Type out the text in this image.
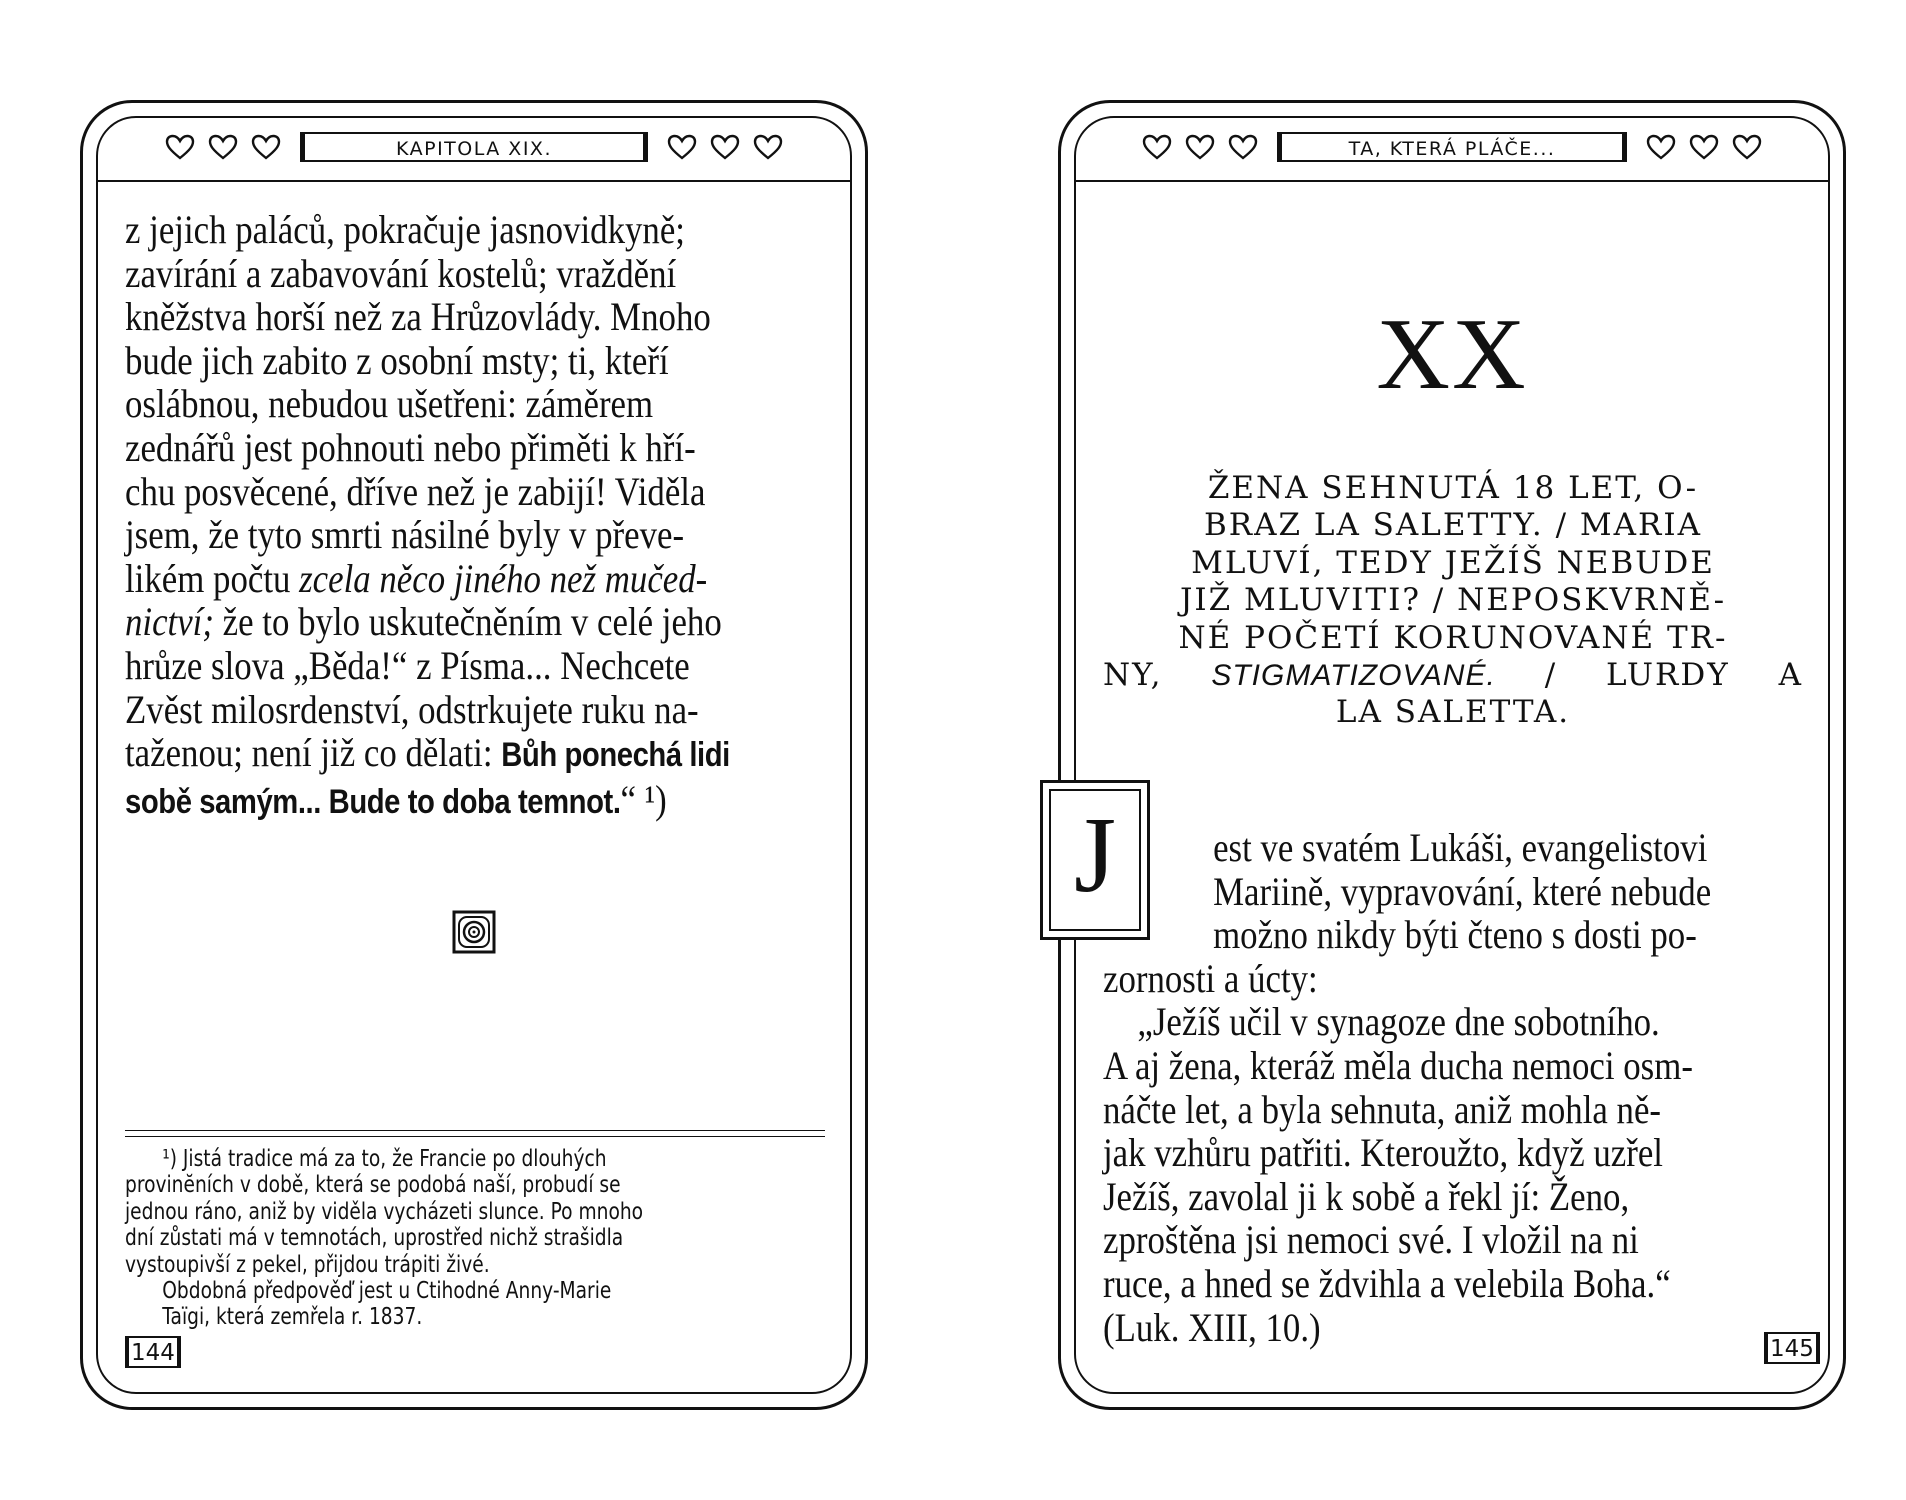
KAPITOLA XIX.

z jejich paláců, pokračuje jasnovidkyně;

zavírání a zabavování kostelů; vraždění

kněžstva horší než za Hrůzovlády. Mnoho

bude jich zabito z osobní msty; ti, kteří

oslábnou, nebudou ušetřeni: záměrem

zednářů jest pohnouti nebo přiměti k hří-

chu posvěcené, dříve než je zabijí! Viděla

jsem, že tyto smrti násilné byly v převe-

likém počtu zcela něco jiného než mučed-

nictví; že to bylo uskutečněním v celé jeho

hrůze slova „Běda!“ z Písma... Nechcete

Zvěst milosrdenství, odstrkujete ruku na-

taženou; není již co dělati: Bůh ponechá lidi

sobě samým... Bude to doba temnot.“ ¹)

¹) Jistá tradice má za to, že Francie po dlouhých

provinĕních v době, která se podobá naší, probudí se

jednou ráno, aniž by viděla vycházeti slunce. Po mnoho

dní zůstati má v temnotách, uprostřed nichž strašidla

vystoupivší z pekel, přijdou trápiti živé.

Obdobná předpověď jest u Ctihodné Anny-Marie

Taïgi, která zemřela r. 1837.

144
TA, KTERÁ PLÁČE...
XX
ŽENA SEHNUTÁ 18 LET, O-
BRAZ LA SALETTY. / MARIA
MLUVÍ, TEDY JEŽÍŠ NEBUDE
JIŽ MLUVITI? / NEPOSKVRNĚ-
NÉ POČETÍ KORUNOVANÉ TR-
NY, STIGMATIZOVANÉ. / LURDY A
LA SALETTA.
J	est ve svatém Lukáši, evangelistovi

Mariině, vypravování, které nebude

možno nikdy býti čteno s dosti po-

zornosti a úcty:

„Ježíš učil v synagoze dne sobotního.

A aj žena, kteráž měla ducha nemoci osm-

náčte let, a byla sehnuta, aniž mohla ně-

jak vzhůru patřiti. Kteroužto, když uzřel

Ježíš, zavolal ji k sobě a řekl jí: Ženo,

zproštěna jsi nemoci své. I vložil na ni

ruce, a hned se ždvihla a velebila Boha.“

(Luk. XIII, 10.)	145
